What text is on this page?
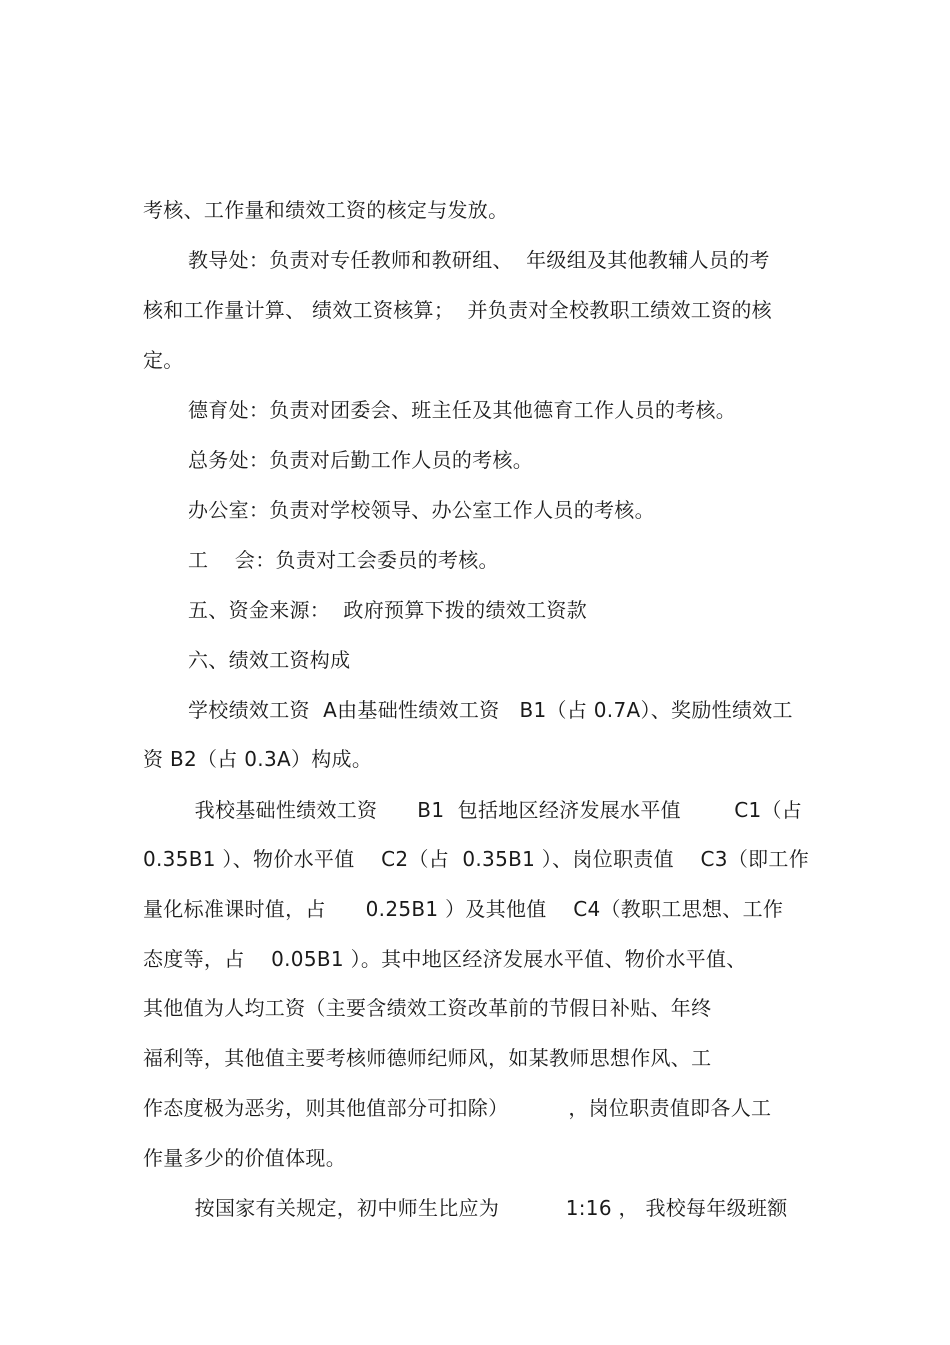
考核、工作量和绩效工资的核定与发放。
教导处：负责对专任教师和教研组、  年级组及其他教辅人员的考
核和工作量计算、 绩效工资核算；  并负责对全校教职工绩效工资的核
定。
德育处：负责对团委会、班主任及其他德育工作人员的考核。
总务处：负责对后勤工作人员的考核。
办公室：负责对学校领导、办公室工作人员的考核。
工    会：负责对工会委员的考核。
五、资金来源：  政府预算下拨的绩效工资款
六、绩效工资构成
学校绩效工资  A由基础性绩效工资   B1（占 0.7A）、奖励性绩效工
资 B2（占 0.3A）构成。
我校基础性绩效工资      B1  包括地区经济发展水平值        C1（占
0.35B1 ）、物价水平值    C2（占  0.35B1 ）、岗位职责值    C3（即工作
量化标准课时值，占      0.25B1 ）及其他值    C4（教职工思想、工作
态度等，占    0.05B1 ）。其中地区经济发展水平值、物价水平值、
其他值为人均工资（主要含绩效工资改革前的节假日补贴、年终
福利等，其他值主要考核师德师纪师风，如某教师思想作风、工
作态度极为恶劣，则其他值部分可扣除）         ，岗位职责值即各人工
作量多少的价值体现。
按国家有关规定，初中师生比应为          1:16 ， 我校每年级班额
